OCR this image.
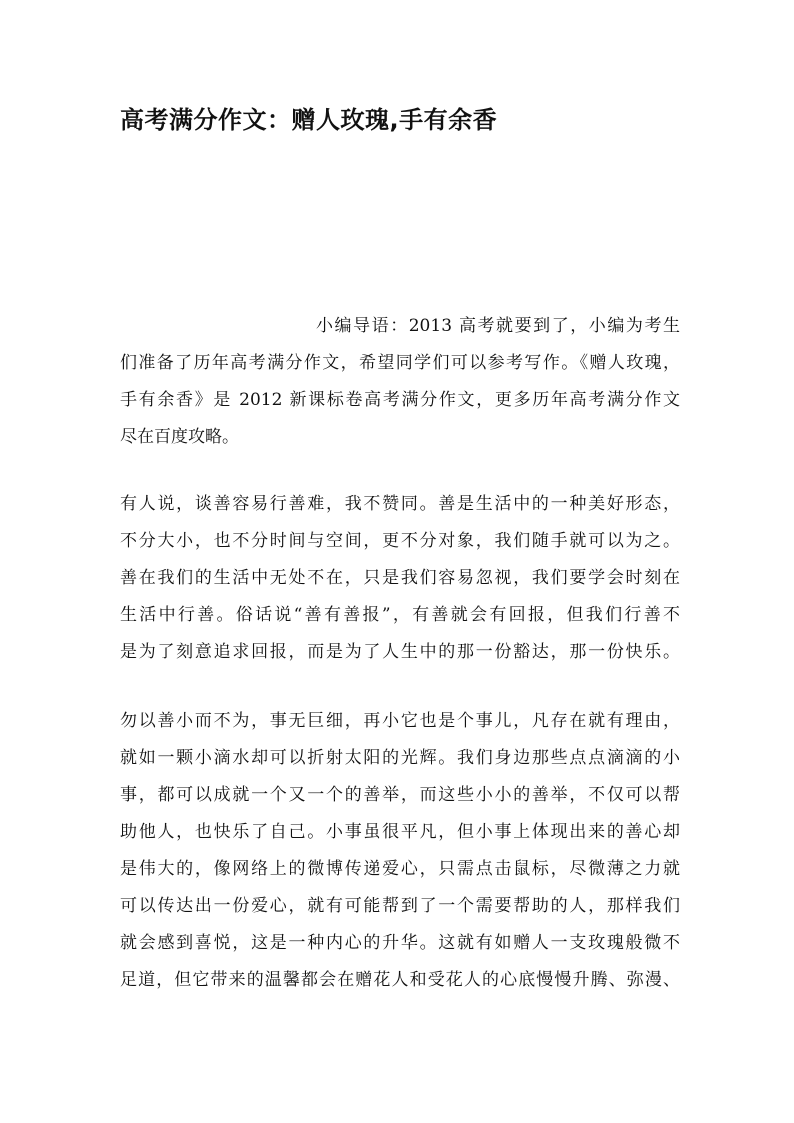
高考满分作文：赠人玫瑰,手有余香
小编导语：2013 高考就要到了，小编为考生
们准备了历年高考满分作文，希望同学们可以参考写作。《赠人玫瑰，
手有余香》是 2012 新课标卷高考满分作文，更多历年高考满分作文
尽在百度攻略。
有人说，谈善容易行善难，我不赞同。善是生活中的一种美好形态，
不分大小，也不分时间与空间，更不分对象，我们随手就可以为之。
善在我们的生活中无处不在，只是我们容易忽视，我们要学会时刻在
生活中行善。俗话说“善有善报”，有善就会有回报，但我们行善不
是为了刻意追求回报，而是为了人生中的那一份豁达，那一份快乐。
勿以善小而不为，事无巨细，再小它也是个事儿，凡存在就有理由，
就如一颗小滴水却可以折射太阳的光辉。我们身边那些点点滴滴的小
事，都可以成就一个又一个的善举，而这些小小的善举，不仅可以帮
助他人，也快乐了自己。小事虽很平凡，但小事上体现出来的善心却
是伟大的，像网络上的微博传递爱心，只需点击鼠标，尽微薄之力就
可以传达出一份爱心，就有可能帮到了一个需要帮助的人，那样我们
就会感到喜悦，这是一种内心的升华。这就有如赠人一支玫瑰般微不
足道，但它带来的温馨都会在赠花人和受花人的心底慢慢升腾、弥漫、
